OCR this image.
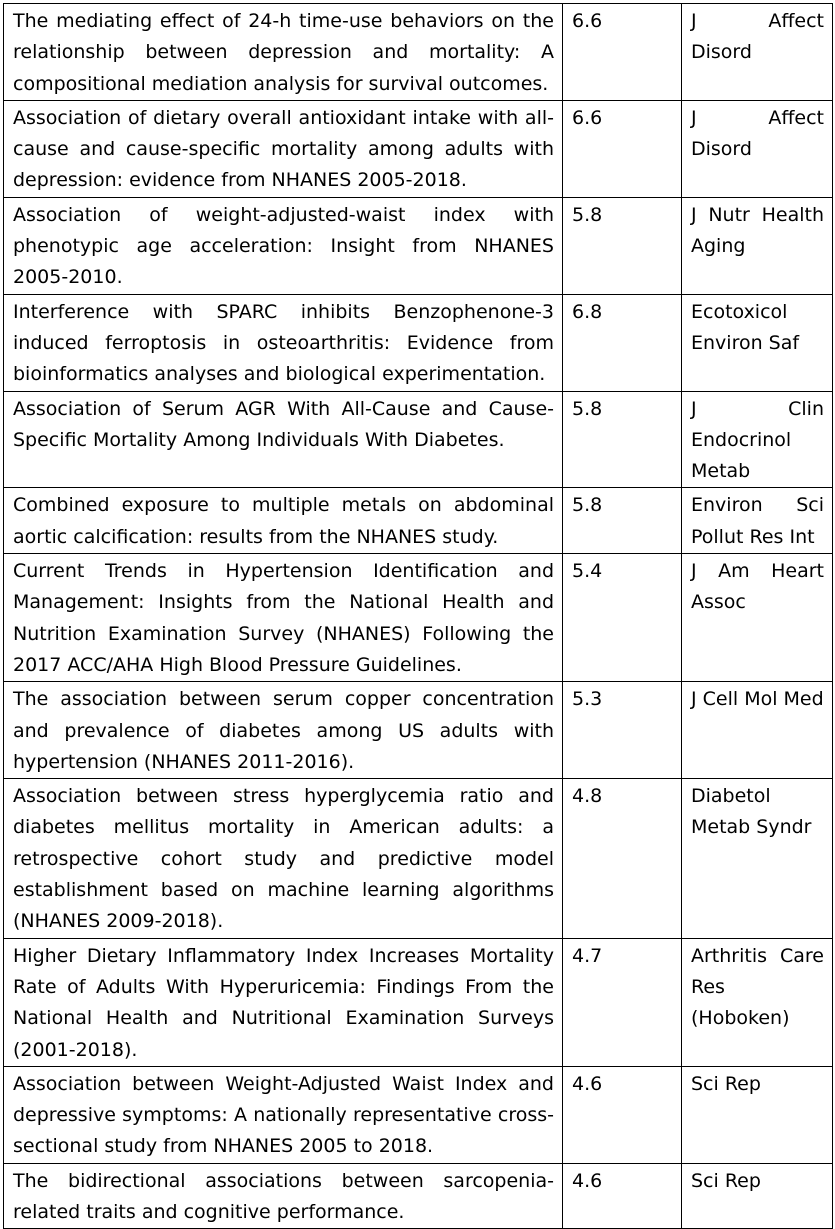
The mediating effect of 24-h time-use behaviors on the relationship between depression and mortality: A compositional mediation analysis for survival outcomes.	6.6	J Affect Disord
Association of dietary overall antioxidant intake with all-cause and cause-specific mortality among adults with depression: evidence from NHANES 2005-2018.	6.6	J Affect Disord
Association of weight-adjusted-waist index with phenotypic age acceleration: Insight from NHANES 2005-2010.	5.8	J Nutr Health Aging
Interference with SPARC inhibits Benzophenone-3 induced ferroptosis in osteoarthritis: Evidence from bioinformatics analyses and biological experimentation.	6.8	Ecotoxicol Environ Saf
Association of Serum AGR With All-Cause and Cause-Specific Mortality Among Individuals With Diabetes.	5.8	J Clin Endocrinol Metab
Combined exposure to multiple metals on abdominal aortic calcification: results from the NHANES study.	5.8	Environ Sci Pollut Res Int
Current Trends in Hypertension Identification and Management: Insights from the National Health and Nutrition Examination Survey (NHANES) Following the 2017 ACC/AHA High Blood Pressure Guidelines.	5.4	J Am Heart Assoc
The association between serum copper concentration and prevalence of diabetes among US adults with hypertension (NHANES 2011-2016).	5.3	J Cell Mol Med
Association between stress hyperglycemia ratio and diabetes mellitus mortality in American adults: a retrospective cohort study and predictive model establishment based on machine learning algorithms (NHANES 2009-2018).	4.8	Diabetol Metab Syndr
Higher Dietary Inflammatory Index Increases Mortality Rate of Adults With Hyperuricemia: Findings From the National Health and Nutritional Examination Surveys (2001-2018).	4.7	Arthritis Care Res (Hoboken)
Association between Weight-Adjusted Waist Index and depressive symptoms: A nationally representative cross-sectional study from NHANES 2005 to 2018.	4.6	Sci Rep
The bidirectional associations between sarcopenia-related traits and cognitive performance.	4.6	Sci Rep
